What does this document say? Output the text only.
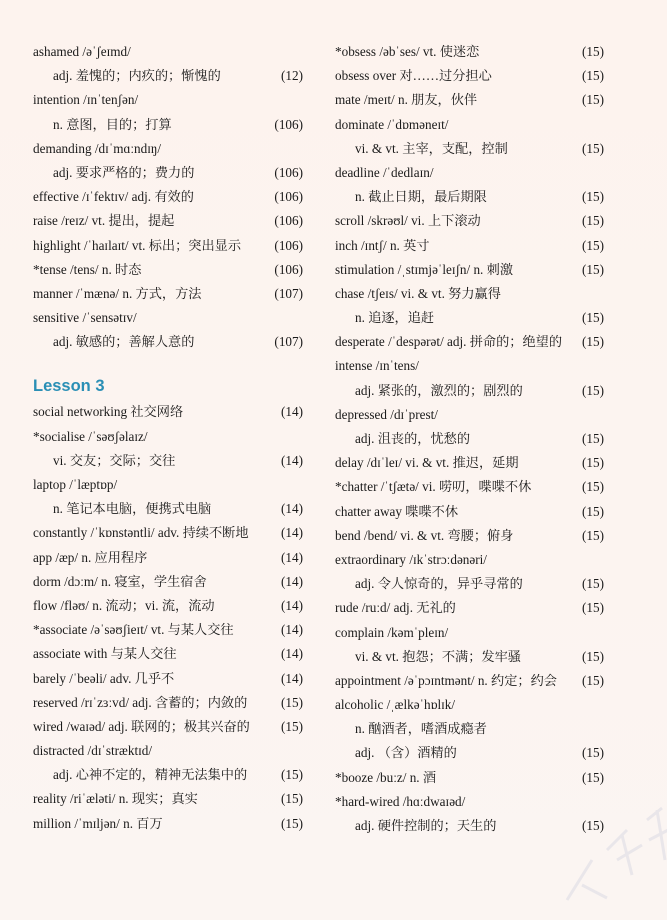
ashamed /əˈʃeɪmd/
adj. 羞愧的；内疚的；惭愧的	(12)
intention /ɪnˈtenʃən/
n. 意图，目的；打算	(106)
demanding /dɪˈmɑːndɪŋ/
adj. 要求严格的；费力的	(106)
effective /ɪˈfektɪv/ adj. 有效的	(106)
raise /reɪz/ vt. 提出，提起	(106)
highlight /ˈhaɪlaɪt/ vt. 标出；突出显示	(106)
*tense /tens/ n. 时态	(106)
manner /ˈmænə/ n. 方式，方法	(107)
sensitive /ˈsensətɪv/
adj. 敏感的；善解人意的	(107)
Lesson 3
social networking 社交网络	(14)
*socialise /ˈsəʊʃəlaɪz/
vi. 交友；交际；交往	(14)
laptop /ˈlæptɒp/
n. 笔记本电脑，便携式电脑	(14)
constantly /ˈkɒnstəntli/ adv. 持续不断地 (14)
app /æp/ n. 应用程序	(14)
dorm /dɔːm/ n. 寝室，学生宿舍	(14)
flow /fləʊ/ n. 流动；vi. 流，流动	(14)
*associate /əˈsəʊʃieɪt/ vt. 与某人交往	(14)
associate with 与某人交往	(14)
barely /ˈbeəli/ adv. 几乎不	(14)
reserved /rɪˈzɜːvd/ adj. 含蓄的；内敛的	(15)
wired /waɪəd/ adj. 联网的；极其兴奋的 (15)
distracted /dɪˈstræktɪd/
adj. 心神不定的，精神无法集中的	(15)
reality /riˈæləti/ n. 现实；真实	(15)
million /ˈmɪljən/ n. 百万	(15)
*obsess /əbˈses/ vt. 使迷恋	(15)
obsess over 对……过分担心	(15)
mate /meɪt/ n. 朋友，伙伴	(15)
dominate /ˈdɒməneɪt/
vi. & vt. 主宰，支配，控制	(15)
deadline /ˈdedlaɪn/
n. 截止日期，最后期限	(15)
scroll /skrəʊl/ vi. 上下滚动	(15)
inch /ɪntʃ/ n. 英寸	(15)
stimulation /ˌstɪmjəˈleɪʃn/ n. 刺激	(15)
chase /tʃeɪs/ vi. & vt. 努力赢得
n. 追逐，追赶	(15)
desperate /ˈdespərət/ adj. 拼命的；绝望的 (15)
intense /ɪnˈtens/
adj. 紧张的，激烈的；剧烈的	(15)
depressed /dɪˈprest/
adj. 沮丧的，忧愁的	(15)
delay /dɪˈleɪ/ vi. & vt. 推迟，延期	(15)
*chatter /ˈtʃætə/ vi. 唠叨，喋喋不休	(15)
chatter away 喋喋不休	(15)
bend /bend/ vi. & vt. 弯腰；俯身	(15)
extraordinary /ɪkˈstrɔːdənəri/
adj. 令人惊奇的，异乎寻常的	(15)
rude /ruːd/ adj. 无礼的	(15)
complain /kəmˈpleɪn/
vi. & vt. 抱怨；不满；发牢骚	(15)
appointment /əˈpɔɪntmənt/ n. 约定；约会 (15)
alcoholic /ˌælkəˈhɒlɪk/
n. 酗酒者，嗜酒成瘾者
adj. （含）酒精的	(15)
*booze /buːz/ n. 酒	(15)
*hard-wired /hɑːdwaɪəd/
adj. 硬件控制的；天生的	(15)
